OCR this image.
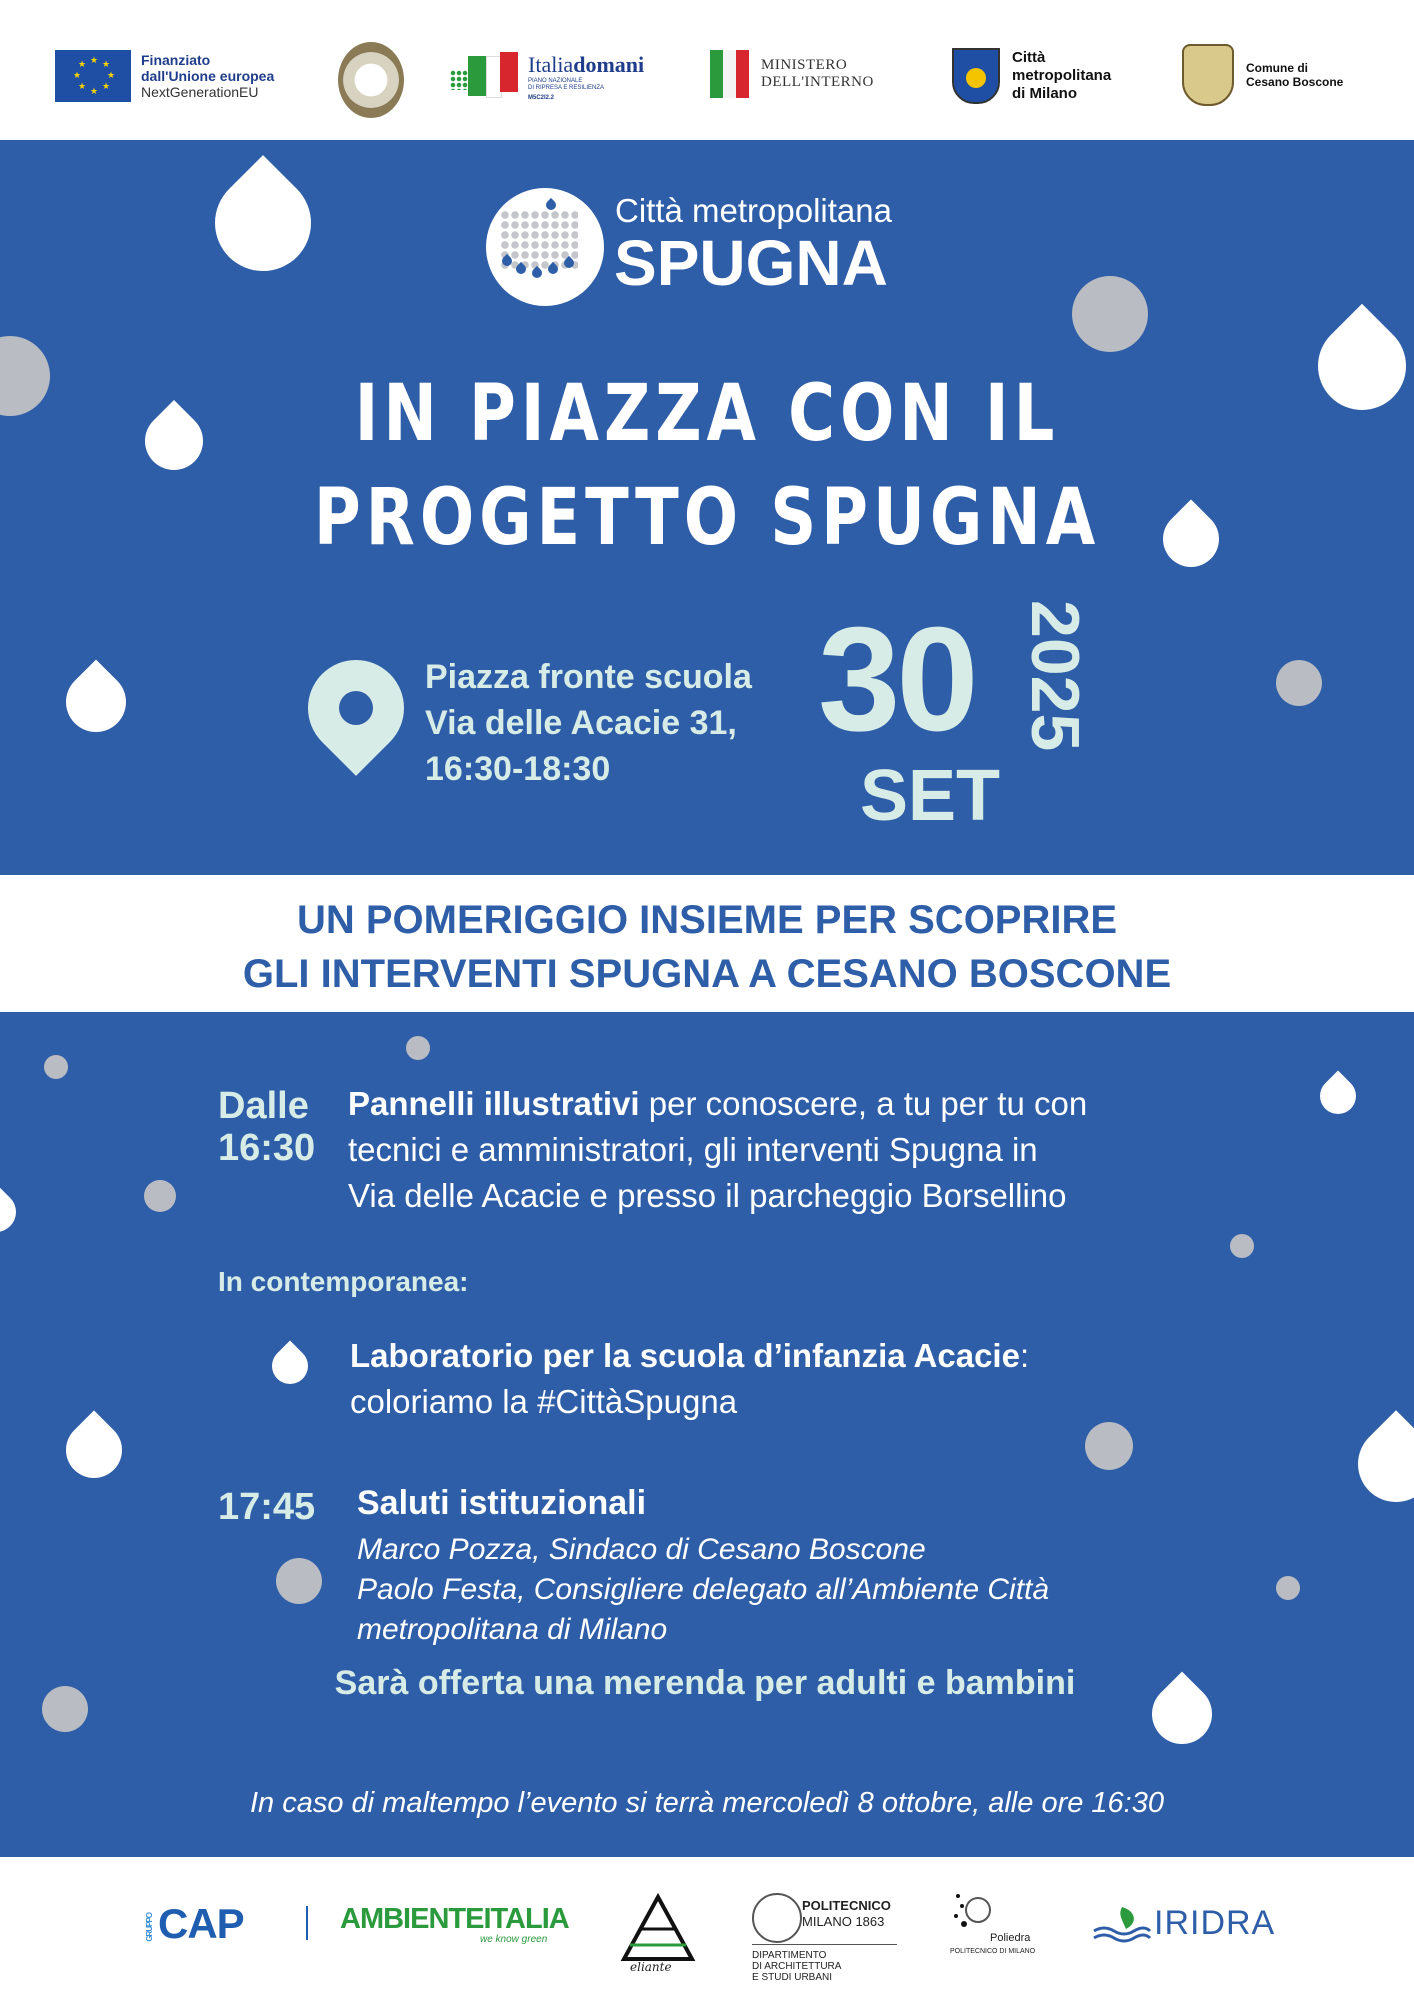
★ ★
★
★
★
★
★
★	Finanziato
dall'Unione europea
NextGenerationEU
Italiadomani
PIANO NAZIONALE
DI RIPRESA E RESILIENZA
M5C2I2.2
MINISTERO
DELL'INTERNO
Città
metropolitana
di Milano
Comune di
Cesano Boscone
Città metropolitana
SPUGNA
IN PIAZZA CON IL
PROGETTO SPUGNA
Piazza fronte scuola
Via delle Acacie 31,
16:30-18:30
30
SET
2025
UN POMERIGGIO INSIEME PER SCOPRIRE
GLI INTERVENTI SPUGNA A CESANO BOSCONE
Dalle
16:30
Pannelli illustrativi per conoscere, a tu per tu con
tecnici e amministratori, gli interventi Spugna in
Via delle Acacie e presso il parcheggio Borsellino
In contemporanea:
Laboratorio per la scuola d’infanzia Acacie:
coloriamo la #CittàSpugna
17:45 Saluti istituzionali
Marco Pozza, Sindaco di Cesano Boscone
Paolo Festa, Consigliere delegato all’Ambiente Città
metropolitana di Milano
Sarà offerta una merenda per adulti e bambini
In caso di maltempo l’evento si terrà mercoledì 8 ottobre, alle ore 16:30
GRUPPOCAP	AMBIENTEITALIA
we know green
eliante
POLITECNICO
MILANO 1863
DIPARTIMENTO
DI ARCHITETTURA
E STUDI URBANI
Poliedra
POLITECNICO DI MILANO
IRIDRA
